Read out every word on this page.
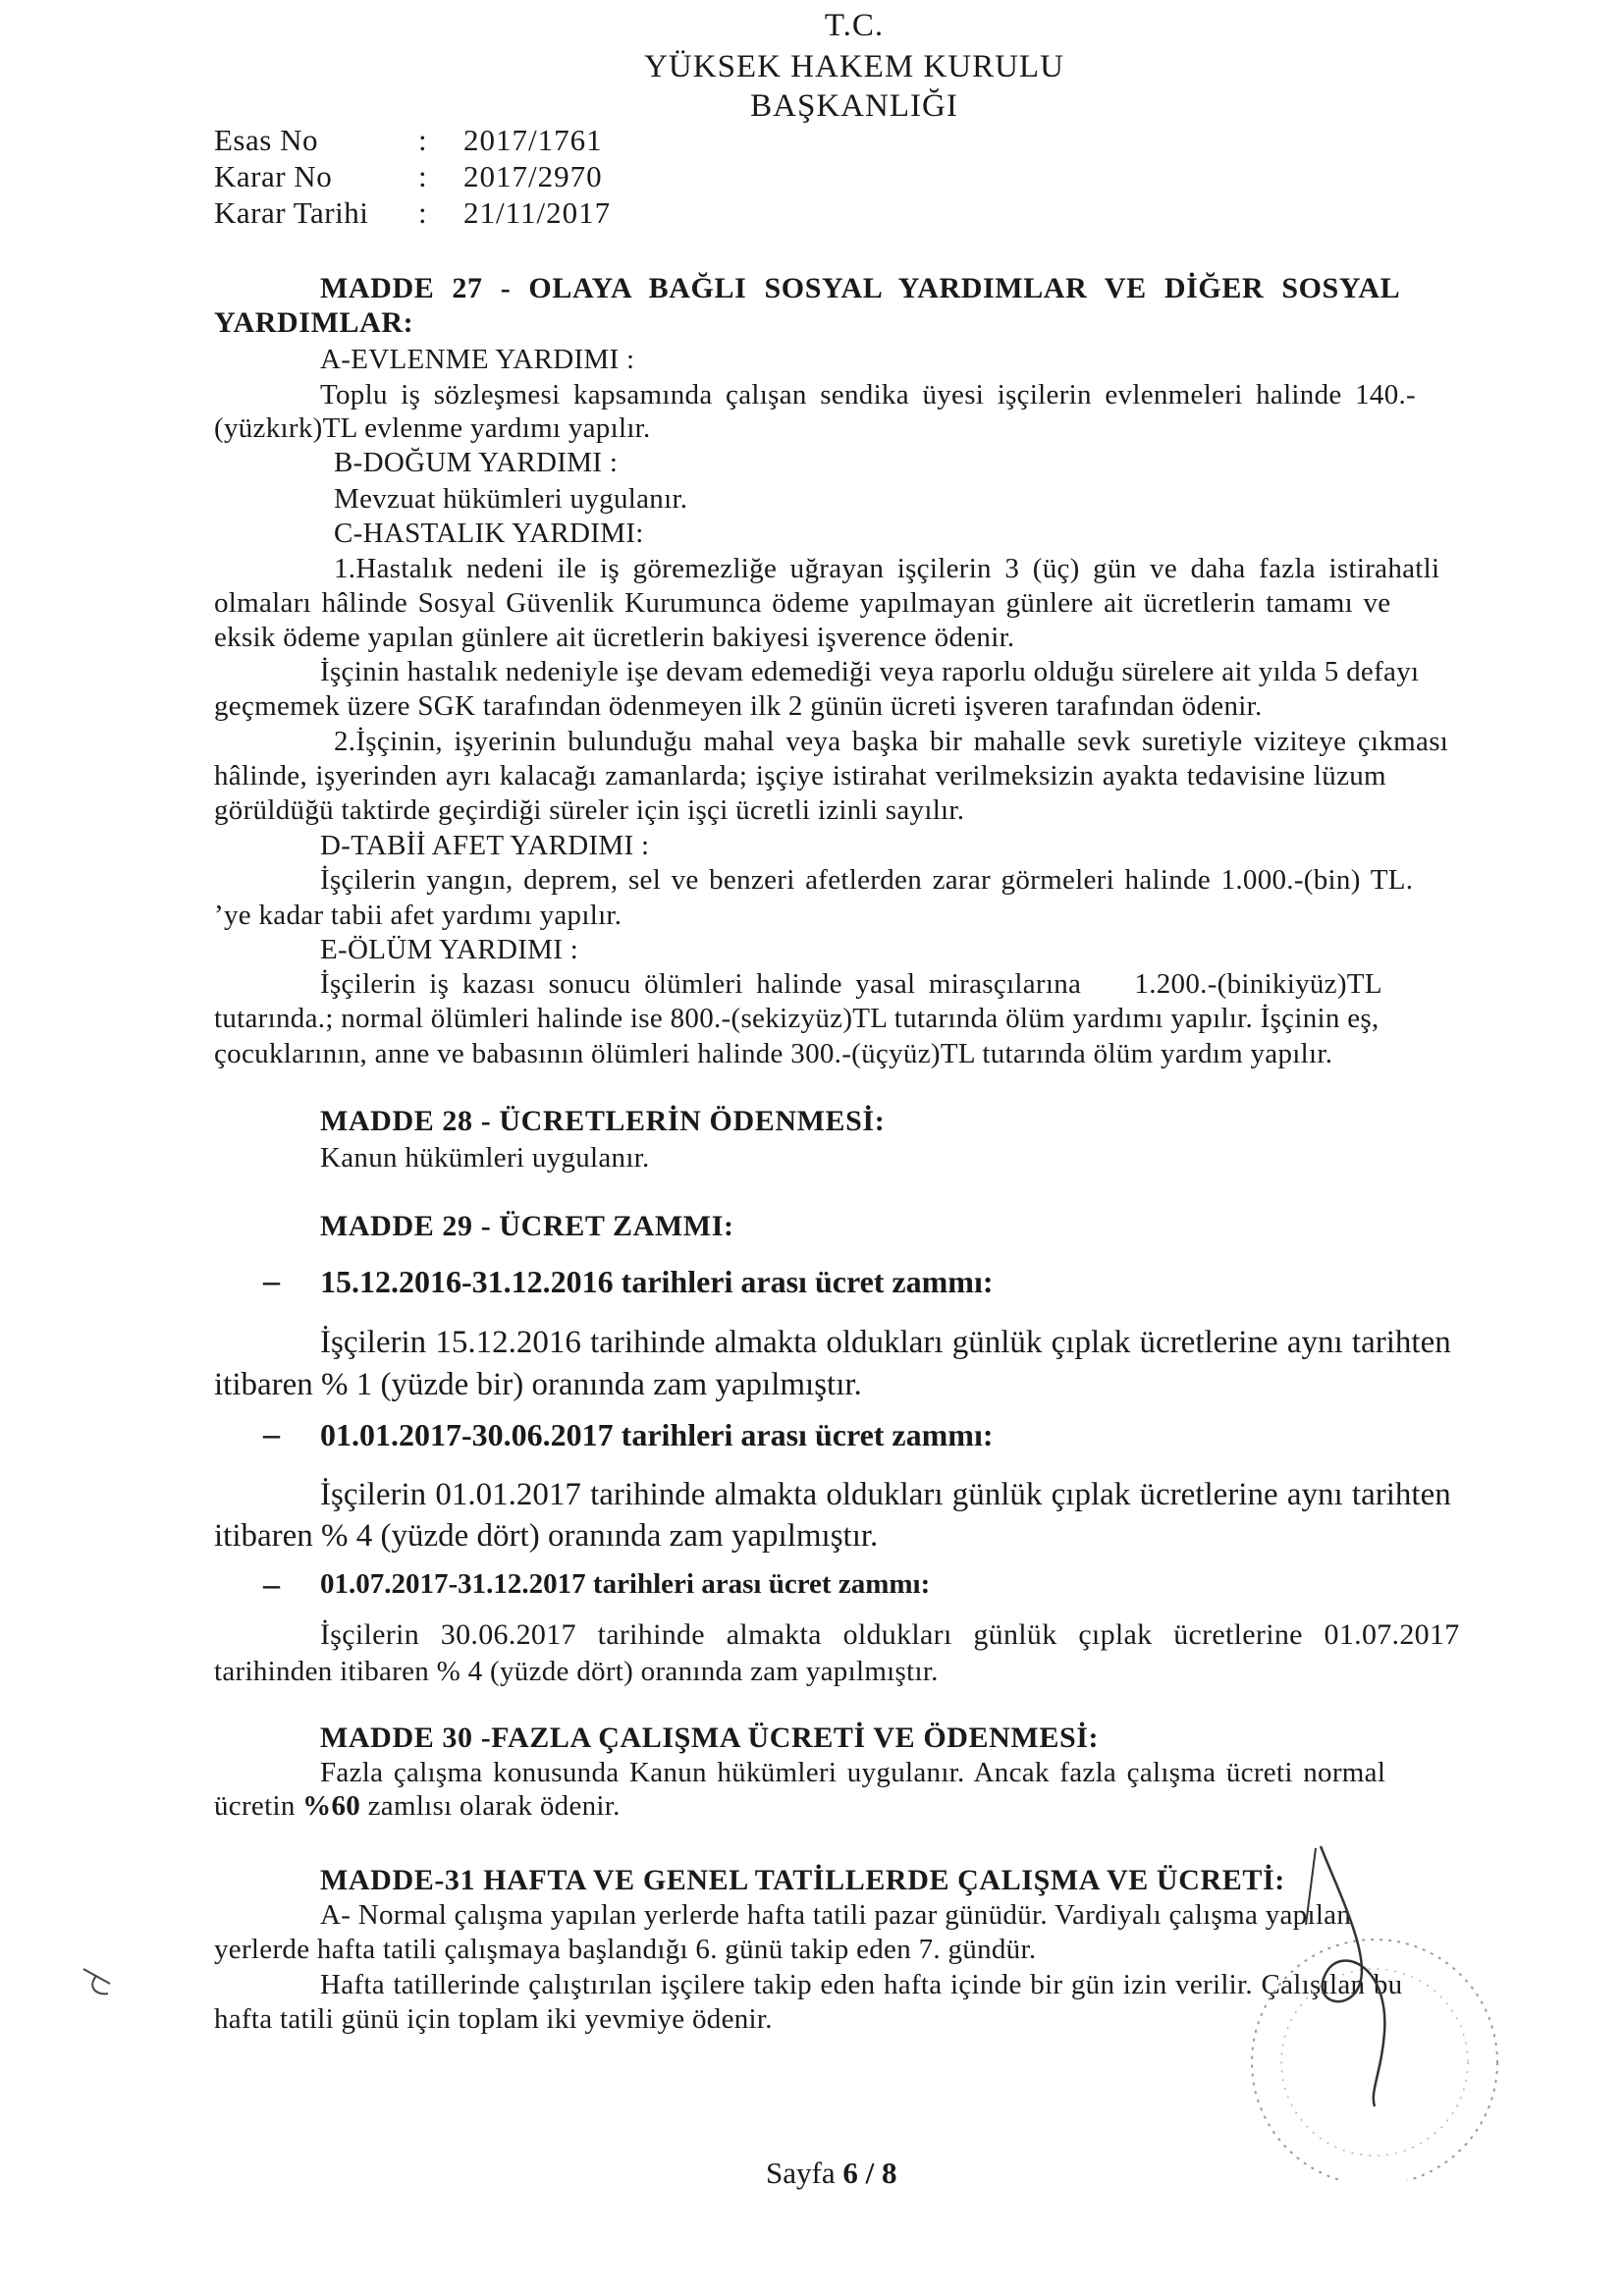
T.C.
YÜKSEK HAKEM KURULU
BAŞKANLIĞI
Esas No	: 2017/1761
Karar No	: 2017/2970
Karar Tarihi : 21/11/2017
MADDE 27 - OLAYA BAĞLI SOSYAL YARDIMLAR VE DİĞER SOSYAL
YARDIMLAR:
A-EVLENME YARDIMI :
Toplu iş sözleşmesi kapsamında çalışan sendika üyesi işçilerin evlenmeleri halinde 140.-
(yüzkırk)TL evlenme yardımı yapılır.
B-DOĞUM YARDIMI :
Mevzuat hükümleri uygulanır.
C-HASTALIK YARDIMI:
1.Hastalık nedeni ile iş göremezliğe uğrayan işçilerin 3 (üç) gün ve daha fazla istirahatli
olmaları hâlinde Sosyal Güvenlik Kurumunca ödeme yapılmayan günlere ait ücretlerin tamamı ve
eksik ödeme yapılan günlere ait ücretlerin bakiyesi işverence ödenir.
İşçinin hastalık nedeniyle işe devam edemediği veya raporlu olduğu sürelere ait yılda 5 defayı
geçmemek üzere SGK tarafından ödenmeyen ilk 2 günün ücreti işveren tarafından ödenir.
2.İşçinin, işyerinin bulunduğu mahal veya başka bir mahalle sevk suretiyle viziteye çıkması
hâlinde, işyerinden ayrı kalacağı zamanlarda; işçiye istirahat verilmeksizin ayakta tedavisine lüzum
görüldüğü taktirde geçirdiği süreler için işçi ücretli izinli sayılır.
D-TABİİ AFET YARDIMI :
İşçilerin yangın, deprem, sel ve benzeri afetlerden zarar görmeleri halinde 1.000.-(bin) TL.
’ye kadar tabii afet yardımı yapılır.
E-ÖLÜM YARDIMI :
İşçilerin iş kazası sonucu ölümleri halinde yasal mirasçılarına    1.200.-(binikiyüz)TL
tutarında.; normal ölümleri halinde ise 800.-(sekizyüz)TL tutarında ölüm yardımı yapılır. İşçinin eş,
çocuklarının, anne ve babasının ölümleri halinde 300.-(üçyüz)TL tutarında ölüm yardım yapılır.
MADDE 28 - ÜCRETLERİN ÖDENMESİ:
Kanun hükümleri uygulanır.
MADDE 29 - ÜCRET ZAMMI:
– 15.12.2016-31.12.2016 tarihleri arası ücret zammı:
İşçilerin 15.12.2016 tarihinde almakta oldukları günlük çıplak ücretlerine aynı tarihten
itibaren % 1 (yüzde bir) oranında zam yapılmıştır.
– 01.01.2017-30.06.2017 tarihleri arası ücret zammı:
İşçilerin 01.01.2017 tarihinde almakta oldukları günlük çıplak ücretlerine aynı tarihten
itibaren % 4 (yüzde dört) oranında zam yapılmıştır.
– 01.07.2017-31.12.2017 tarihleri arası ücret zammı:
İşçilerin 30.06.2017 tarihinde almakta oldukları günlük çıplak ücretlerine 01.07.2017
tarihinden itibaren % 4 (yüzde dört) oranında zam yapılmıştır.
MADDE 30 -FAZLA ÇALIŞMA ÜCRETİ VE ÖDENMESİ:
Fazla çalışma konusunda Kanun hükümleri uygulanır. Ancak fazla çalışma ücreti normal
ücretin %60 zamlısı olarak ödenir.
MADDE-31 HAFTA VE GENEL TATİLLERDE ÇALIŞMA VE ÜCRETİ:
A- Normal çalışma yapılan yerlerde hafta tatili pazar günüdür. Vardiyalı çalışma yapılan
yerlerde hafta tatili çalışmaya başlandığı 6. günü takip eden 7. gündür.
Hafta tatillerinde çalıştırılan işçilere takip eden hafta içinde bir gün izin verilir. Çalışılan bu
hafta tatili günü için toplam iki yevmiye ödenir.
Sayfa 6 / 8
